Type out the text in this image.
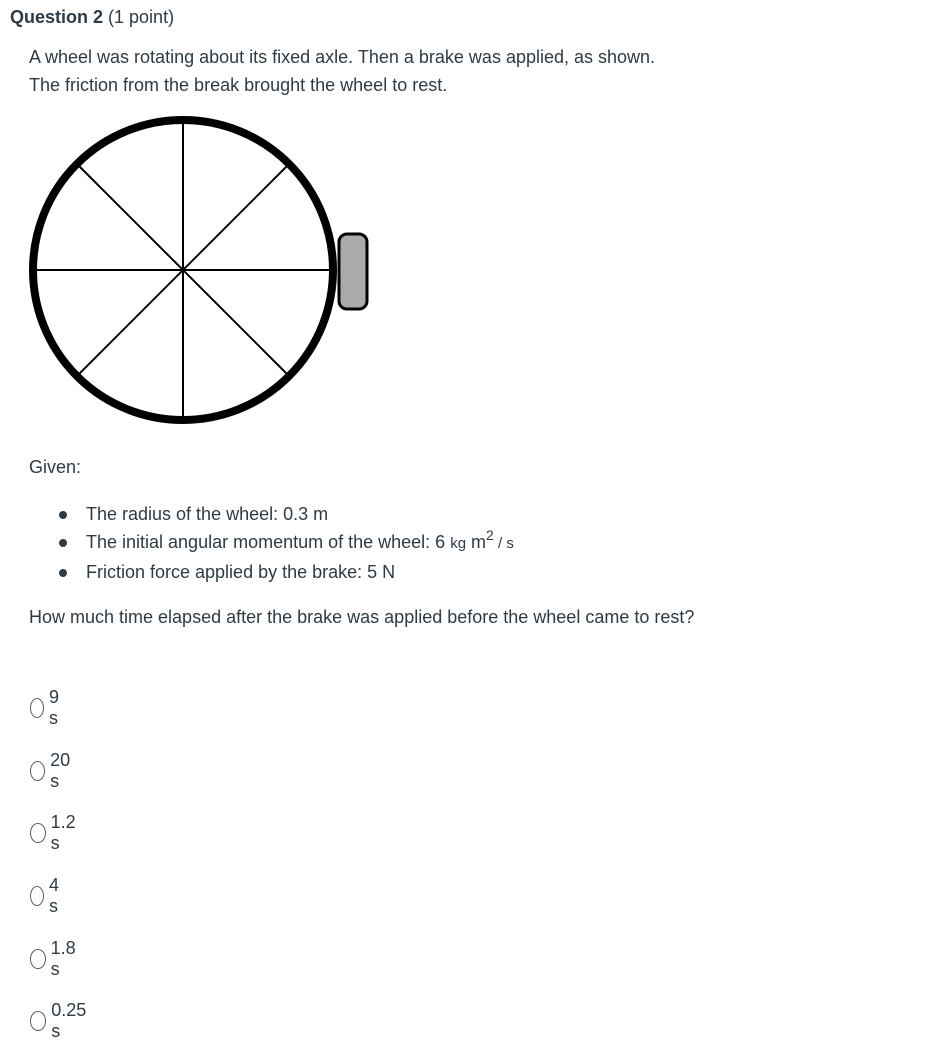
Question 2 (1 point)

A wheel was rotating about its fixed axle. Then a brake was applied, as shown.
The friction from the break brought the wheel to rest.

Given:

The radius of the wheel: 0.3 m
The initial angular momentum of the wheel: 6 kg $m^2$ / s
Friction force applied by the brake: 5 N

How much time elapsed after the brake was applied before the wheel came to rest?

9 s
20 s
1.2 s
4 s
1.8 s
0.25 s
